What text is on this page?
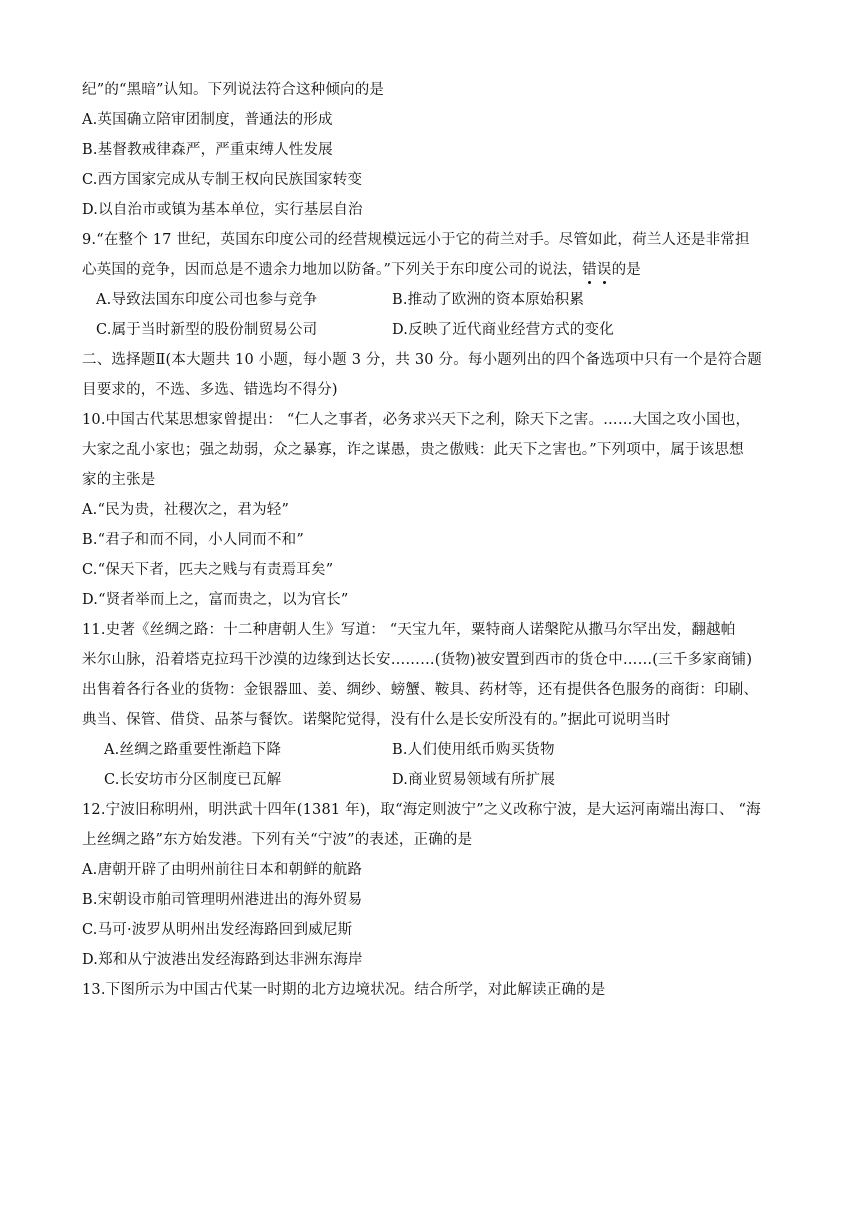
纪”的“黑暗”认知。下列说法符合这种倾向的是
A.英国确立陪审团制度，普通法的形成
B.基督教戒律森严，严重束缚人性发展
C.西方国家完成从专制王权向民族国家转变
D.以自治市或镇为基本单位，实行基层自治
9.“在整个 17 世纪，英国东印度公司的经营规模远远小于它的荷兰对手。尽管如此，荷兰人还是非常担
心英国的竞争，因而总是不遗余力地加以防备。”下列关于东印度公司的说法，错误的是
A.导致法国东印度公司也参与竞争	B.推动了欧洲的资本原始积累
C.属于当时新型的股份制贸易公司	D.反映了近代商业经营方式的变化
二、选择题Ⅱ(本大题共 10 小题，每小题 3 分，共 30 分。每小题列出的四个备选项中只有一个是符合题
目要求的，不选、多选、错选均不得分)
10.中国古代某思想家曾提出： “仁人之事者，必务求兴天下之利，除天下之害。……大国之攻小国也，
大家之乱小家也；强之劫弱，众之暴寡，诈之谋愚，贵之傲贱：此天下之害也。”下列项中，属于该思想
家的主张是
A.“民为贵，社稷次之，君为轻”
B.“君子和而不同，小人同而不和”
C.“保天下者，匹夫之贱与有责焉耳矣”
D.“贤者举而上之，富而贵之，以为官长”
11.史著《丝绸之路：十二种唐朝人生》写道： “天宝九年，粟特商人诺槃陀从撒马尔罕出发，翻越帕
米尔山脉，沿着塔克拉玛干沙漠的边缘到达长安………(货物)被安置到西市的货仓中……(三千多家商铺)
出售着各行各业的货物：金银器皿、姜、绸纱、螃蟹、鞍具、药材等，还有提供各色服务的商街：印刷、
典当、保管、借贷、品茶与餐饮。诺槃陀觉得，没有什么是长安所没有的。”据此可说明当时
A.丝绸之路重要性渐趋下降	B.人们使用纸币购买货物
C.长安坊市分区制度已瓦解	D.商业贸易领域有所扩展
12.宁波旧称明州，明洪武十四年(1381 年)，取“海定则波宁”之义改称宁波，是大运河南端出海口、 “海
上丝绸之路”东方始发港。下列有关“宁波”的表述，正确的是
A.唐朝开辟了由明州前往日本和朝鲜的航路
B.宋朝设市舶司管理明州港进出的海外贸易
C.马可·波罗从明州出发经海路回到威尼斯
D.郑和从宁波港出发经海路到达非洲东海岸
13.下图所示为中国古代某一时期的北方边境状况。结合所学，对此解读正确的是
